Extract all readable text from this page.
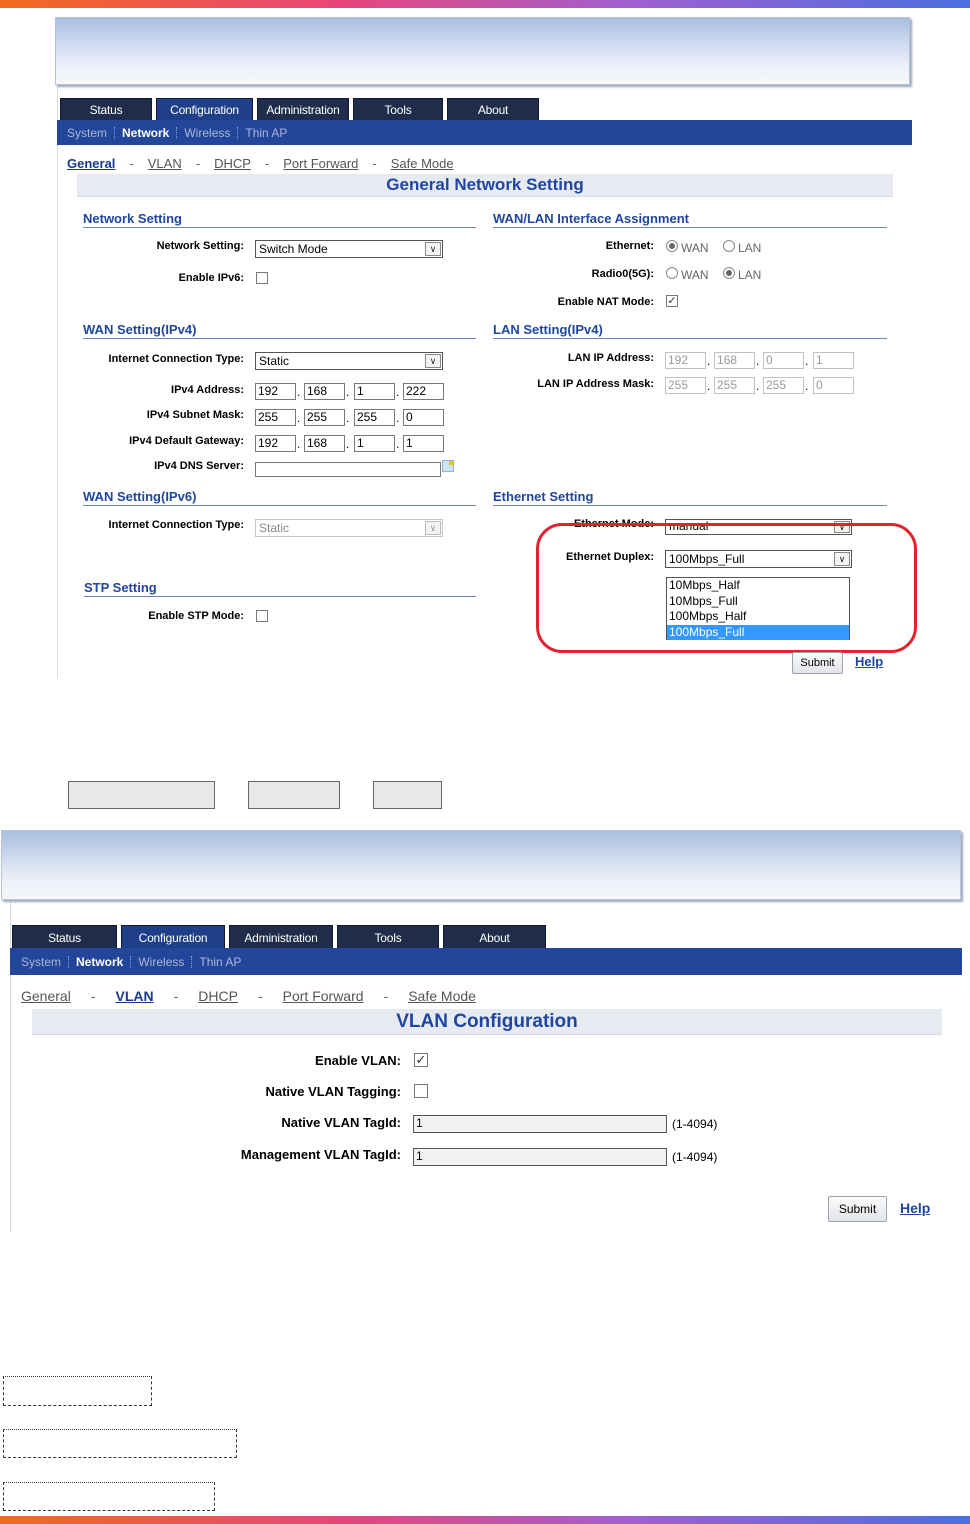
Status	Configuration	Administration	Tools	About
System	Network	Wireless	Thin AP
General - VLAN - DHCP - Port Forward - Safe Mode
General Network Setting
Network Setting
Network Setting:	Switch Mode	∨
Enable IPv6:
WAN Setting(IPv4)
Internet Connection Type:	Static	∨
IPv4 Address: 192	. 168	. 1	. 222
IPv4 Subnet Mask: 255	. 255	. 255	. 0
IPv4 Default Gateway: 192	. 168	. 1	. 1
IPv4 DNS Server:
WAN Setting(IPv6)
Internet Connection Type:	Static	∨
STP Setting
Enable STP Mode:
WAN/LAN Interface Assignment
Ethernet: WAN LAN
Radio0(5G): WAN LAN
Enable NAT Mode: ✓
LAN Setting(IPv4)
LAN IP Address: 192	. 168	. 0	. 1
LAN IP Address Mask: 255	. 255	. 255	. 0
Ethernet Setting
Ethernet Mode:	manual	∨
Ethernet Duplex:	100Mbps_Full	∨
10Mbps_Half
10Mbps_Full
100Mbps_Half
100Mbps_Full
Submit	Help
Status	Configuration	Administration	Tools	About
System	Network	Wireless	Thin AP
General - VLAN - DHCP - Port Forward - Safe Mode
VLAN Configuration
Enable VLAN: ✓
Native VLAN Tagging:
Native VLAN TagId: 1	(1-4094)
Management VLAN TagId: 1	(1-4094)
Submit	Help
